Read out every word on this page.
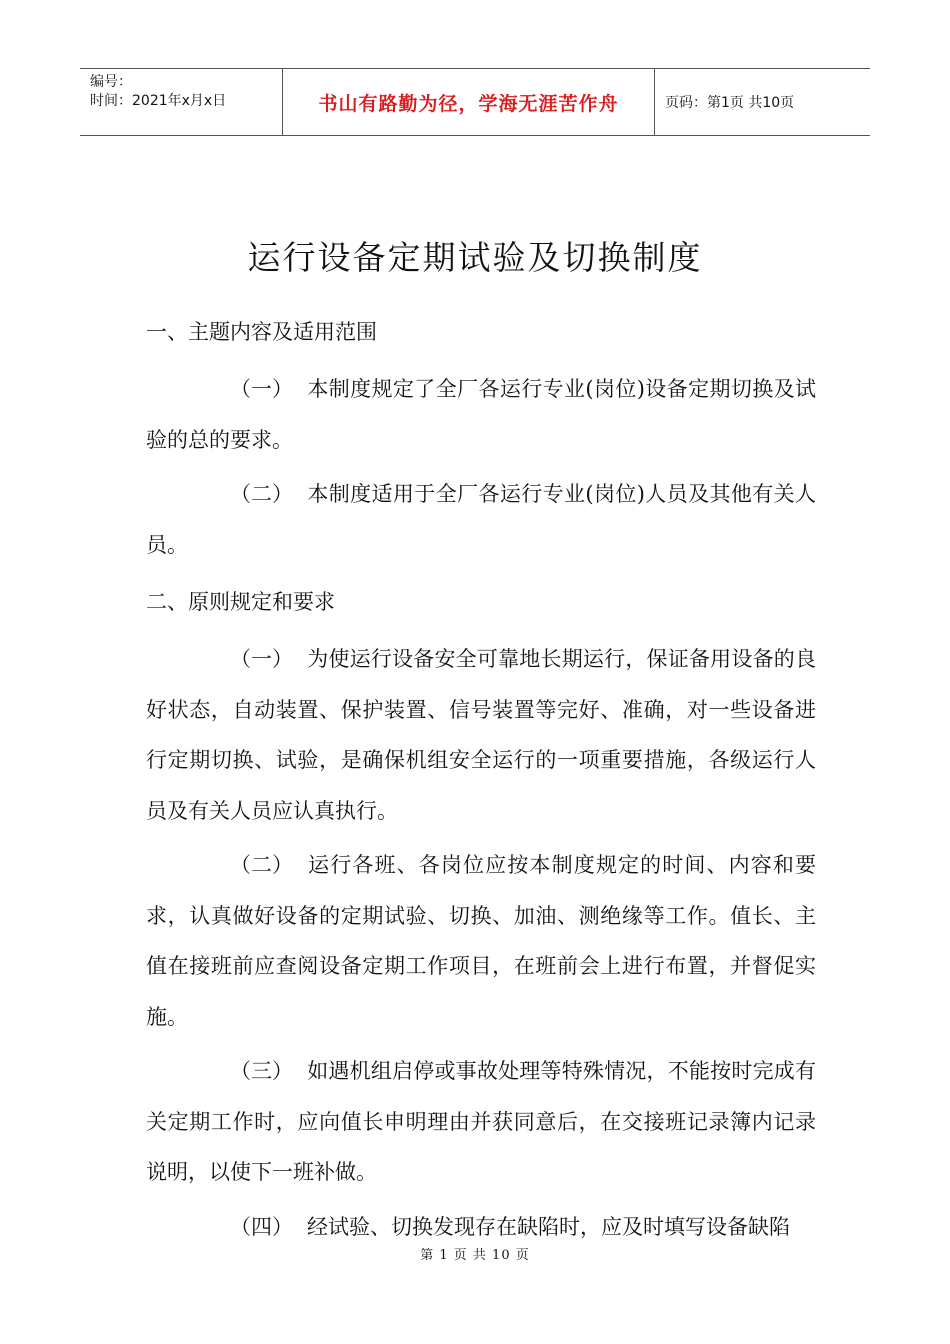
编号：
时间：2021年x月x日	书山有路勤为径，学海无涯苦作舟	页码：第1页 共10页
运行设备定期试验及切换制度
一、主题内容及适用范围

（一） 本制度规定了全厂各运行专业(岗位)设备定期切换及试验的总的要求。

（二） 本制度适用于全厂各运行专业(岗位)人员及其他有关人员。

二、原则规定和要求

（一） 为使运行设备安全可靠地长期运行，保证备用设备的良好状态，自动装置、保护装置、信号装置等完好、准确，对一些设备进行定期切换、试验，是确保机组安全运行的一项重要措施，各级运行人员及有关人员应认真执行。

（二） 运行各班、各岗位应按本制度规定的时间、内容和要求，认真做好设备的定期试验、切换、加油、测绝缘等工作。值长、主值在接班前应查阅设备定期工作项目，在班前会上进行布置，并督促实施。

（三） 如遇机组启停或事故处理等特殊情况，不能按时完成有关定期工作时，应向值长申明理由并获同意后，在交接班记录簿内记录说明，以使下一班补做。

（四） 经试验、切换发现存在缺陷时，应及时填写设备缺陷

第 1 页 共 10 页
